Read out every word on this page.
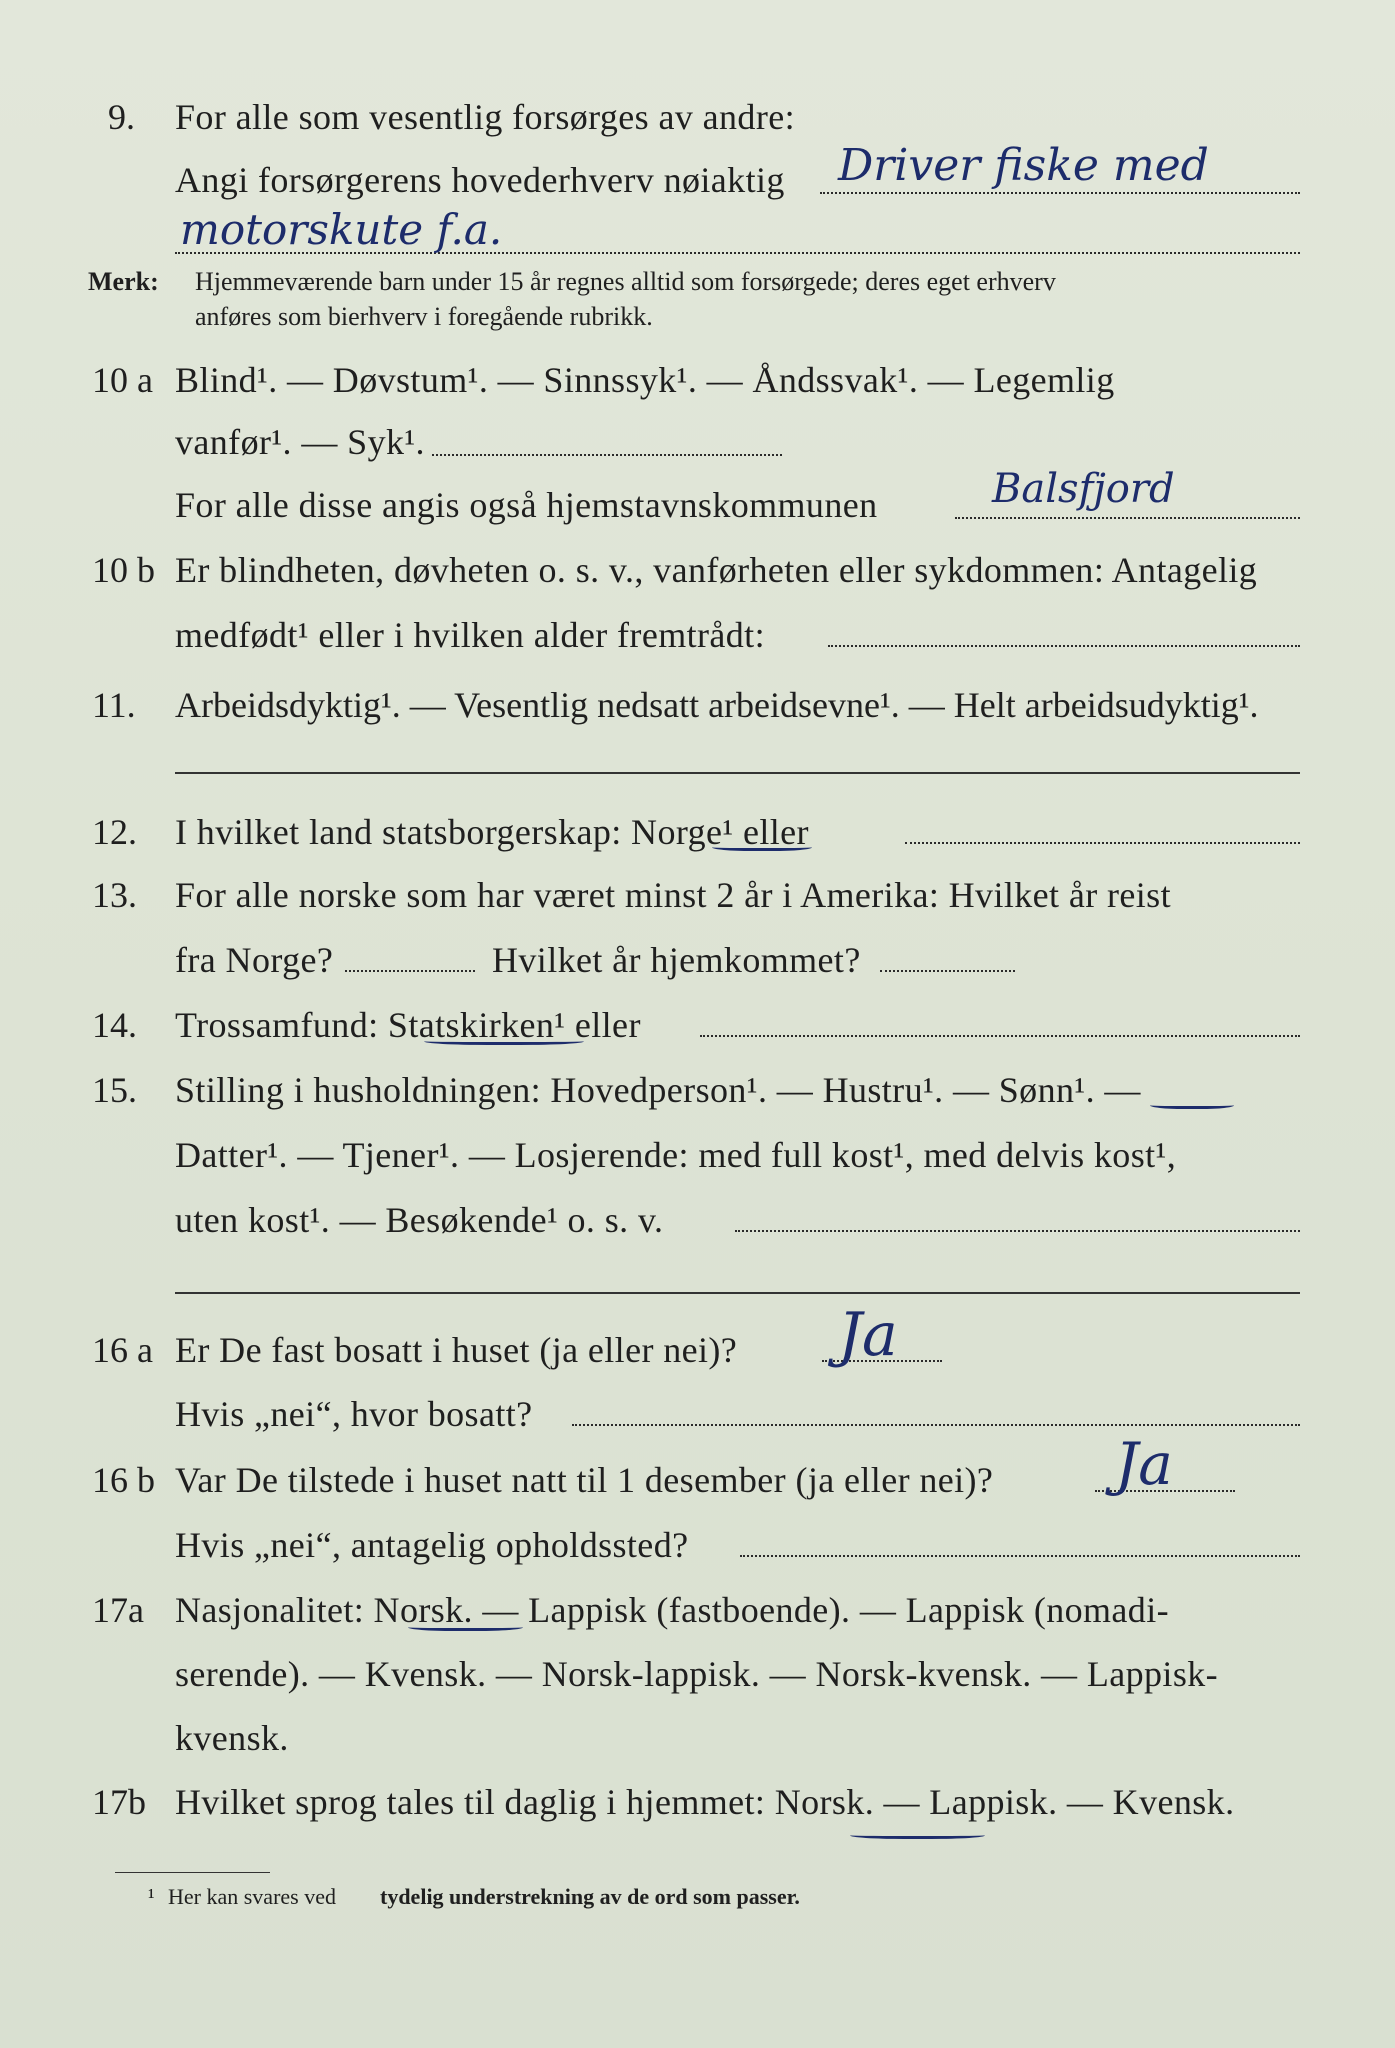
9. For alle som vesentlig forsørges av andre:
Angi forsørgerens hovederhverv nøiaktig Driver fiske med
motorskute f.a.
Merk: Hjemmeværende barn under 15 år regnes alltid som forsørgede; deres eget erhverv
anføres som bierhverv i foregående rubrikk.
10 a Blind¹. — Døvstum¹. — Sinnssyk¹. — Åndssvak¹. — Legemlig
vanfør¹. — Syk¹.
For alle disse angis også hjemstavnskommunen	Balsfjord
10 b Er blindheten, døvheten o. s. v., vanførheten eller sykdommen: Antagelig
medfødt¹ eller i hvilken alder fremtrådt:
11. Arbeidsdyktig¹. — Vesentlig nedsatt arbeidsevne¹. — Helt arbeidsudyktig¹.
12. I hvilket land statsborgerskap: Norge¹ eller
13. For alle norske som har været minst 2 år i Amerika: Hvilket år reist
fra Norge?	Hvilket år hjemkommet?
14. Trossamfund: Statskirken¹ eller
15. Stilling i husholdningen: Hovedperson¹. — Hustru¹. — Sønn¹. —
Datter¹. — Tjener¹. — Losjerende: med full kost¹, med delvis kost¹,
uten kost¹. — Besøkende¹ o. s. v.
16 a Er De fast bosatt i huset (ja eller nei)? Ja
Hvis „nei“, hvor bosatt?
16 b Var De tilstede i huset natt til 1 desember (ja eller nei)? Ja
Hvis „nei“, antagelig opholdssted?
17a Nasjonalitet: Norsk. — Lappisk (fastboende). — Lappisk (nomadi-
serende). — Kvensk. — Norsk-lappisk. — Norsk-kvensk. — Lappisk-
kvensk.
17b Hvilket sprog tales til daglig i hjemmet: Norsk. — Lappisk. — Kvensk.
¹ Her kan svares ved tydelig understrekning av de ord som passer.
